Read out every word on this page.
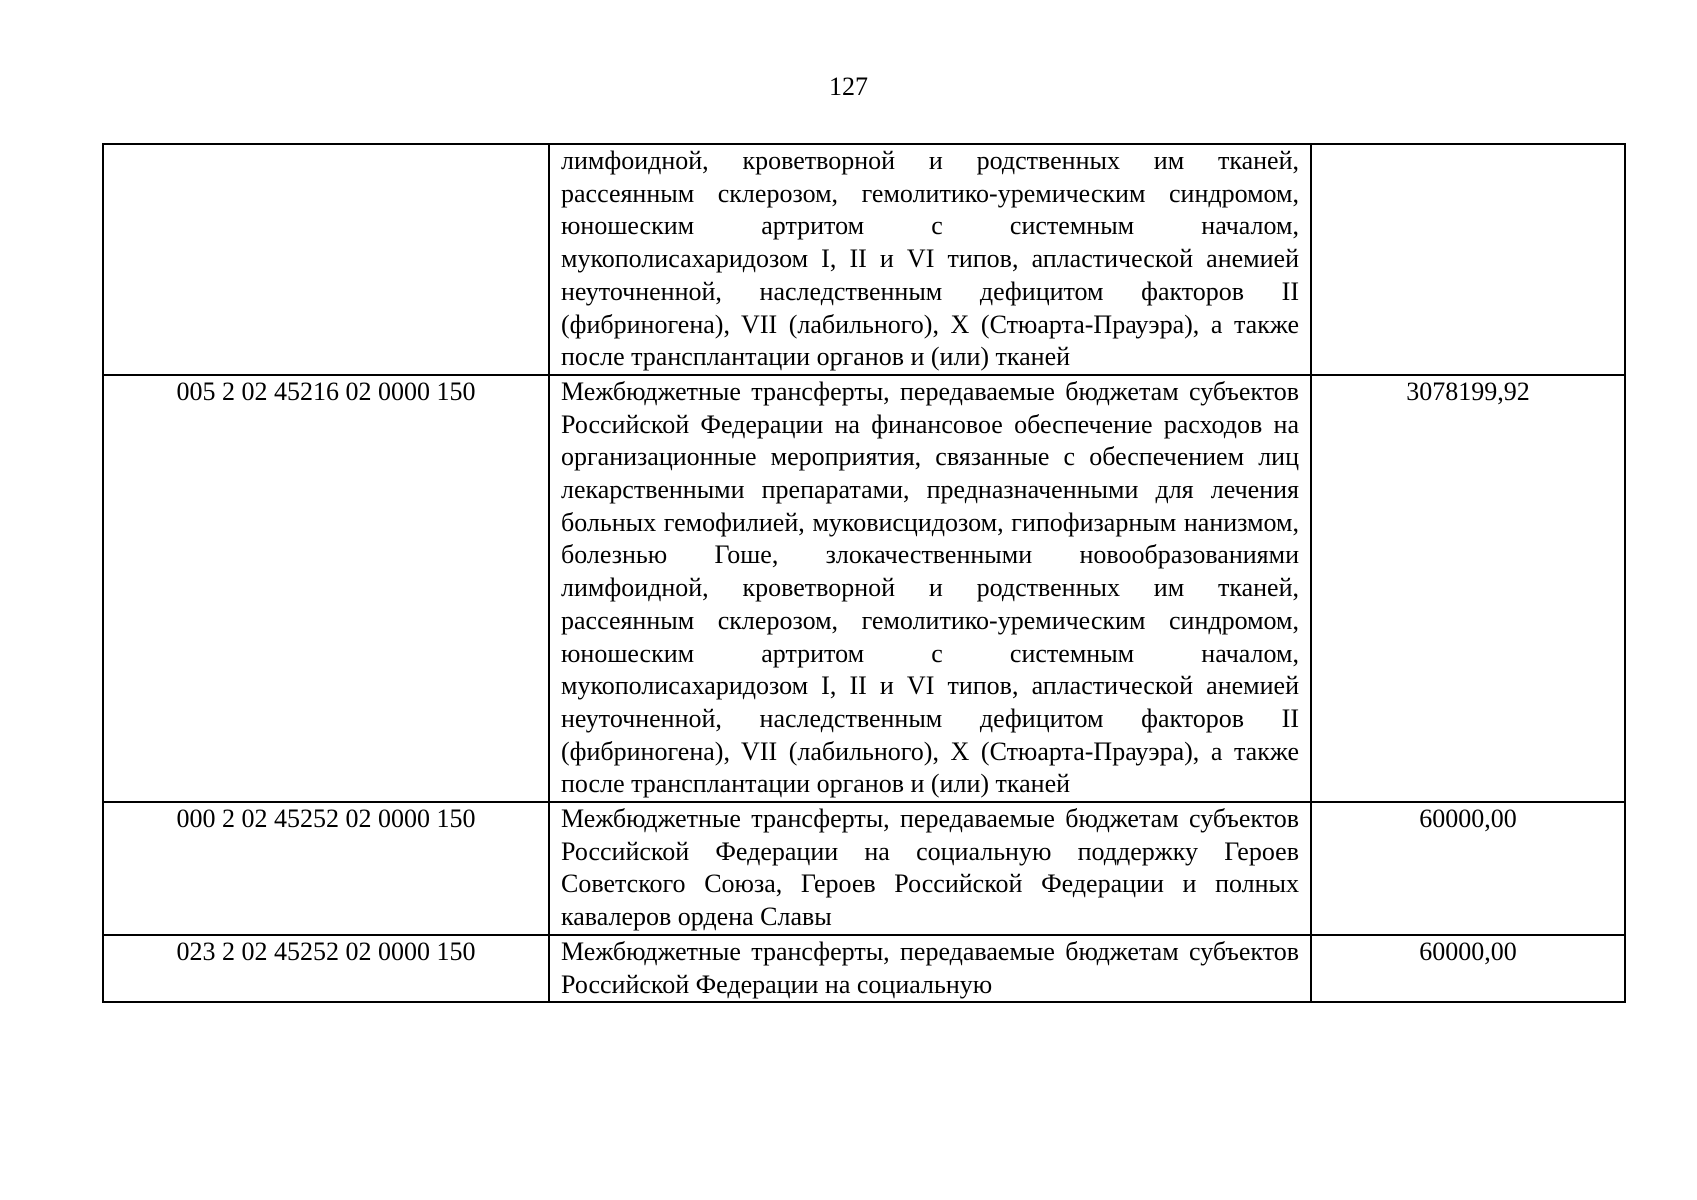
127
	лимфоидной, кроветворной и родственных им тканей, рассеянным склерозом, гемолитико-уремическим синдромом, юношеским артритом с системным началом, мукополисахаридозом I, II и VI типов, апластической анемией неуточненной, наследственным дефицитом факторов II (фибриногена), VII (лабильного), X (Стюарта-Прауэра), а также после трансплантации органов и (или) тканей	
005 2 02 45216 02 0000 150	Межбюджетные трансферты, передаваемые бюджетам субъектов Российской Федерации на финансовое обеспечение расходов на организационные мероприятия, связанные с обеспечением лиц лекарственными препаратами, предназначенными для лечения больных гемофилией, муковисцидозом, гипофизарным нанизмом, болезнью Гоше, злокачественными новообразованиями лимфоидной, кроветворной и родственных им тканей, рассеянным склерозом, гемолитико-уремическим синдромом, юношеским артритом с системным началом, мукополисахаридозом I, II и VI типов, апластической анемией неуточненной, наследственным дефицитом факторов II (фибриногена), VII (лабильного), X (Стюарта-Прауэра), а также после трансплантации органов и (или) тканей	3078199,92
000 2 02 45252 02 0000 150	Межбюджетные трансферты, передаваемые бюджетам субъектов Российской Федерации на социальную поддержку Героев Советского Союза, Героев Российской Федерации и полных кавалеров ордена Славы	60000,00
023 2 02 45252 02 0000 150	Межбюджетные трансферты, передаваемые бюджетам субъектов Российской Федерации на социальную	60000,00
